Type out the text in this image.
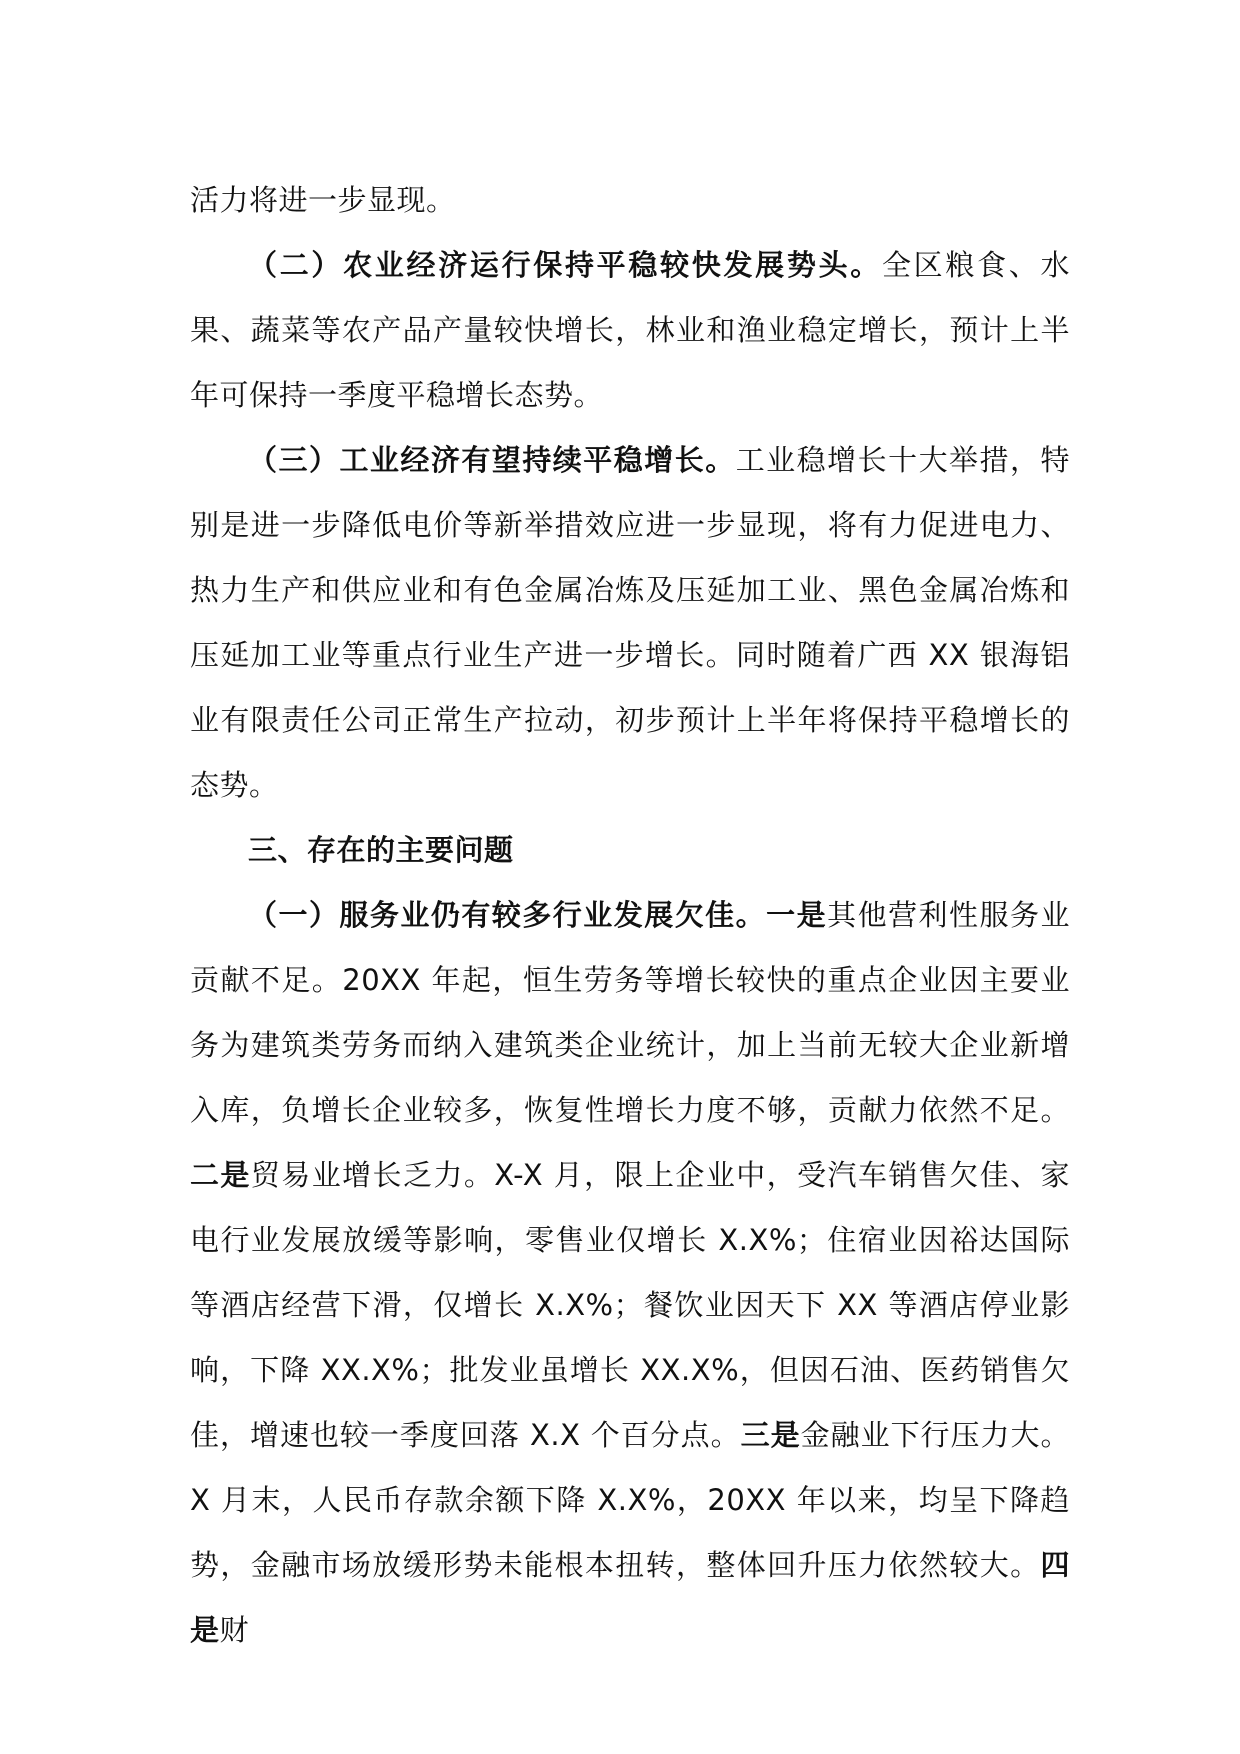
活力将进一步显现。

（二）农业经济运行保持平稳较快发展势头。全区粮食、水果、蔬菜等农产品产量较快增长，林业和渔业稳定增长，预计上半年可保持一季度平稳增长态势。

（三）工业经济有望持续平稳增长。工业稳增长十大举措，特别是进一步降低电价等新举措效应进一步显现，将有力促进电力、热力生产和供应业和有色金属冶炼及压延加工业、黑色金属冶炼和压延加工业等重点行业生产进一步增长。同时随着广西 XX 银海铝业有限责任公司正常生产拉动，初步预计上半年将保持平稳增长的态势。

三、存在的主要问题

（一）服务业仍有较多行业发展欠佳。一是其他营利性服务业贡献不足。20XX 年起，恒生劳务等增长较快的重点企业因主要业务为建筑类劳务而纳入建筑类企业统计，加上当前无较大企业新增入库，负增长企业较多，恢复性增长力度不够，贡献力依然不足。二是贸易业增长乏力。X-X 月，限上企业中，受汽车销售欠佳、家电行业发展放缓等影响，零售业仅增长 X.X%；住宿业因裕达国际等酒店经营下滑，仅增长 X.X%；餐饮业因天下 XX 等酒店停业影响，下降 XX.X%；批发业虽增长 XX.X%，但因石油、医药销售欠佳，增速也较一季度回落 X.X 个百分点。三是金融业下行压力大。X 月末，人民币存款余额下降 X.X%，20XX 年以来，均呈下降趋势，金融市场放缓形势未能根本扭转，整体回升压力依然较大。四是财
